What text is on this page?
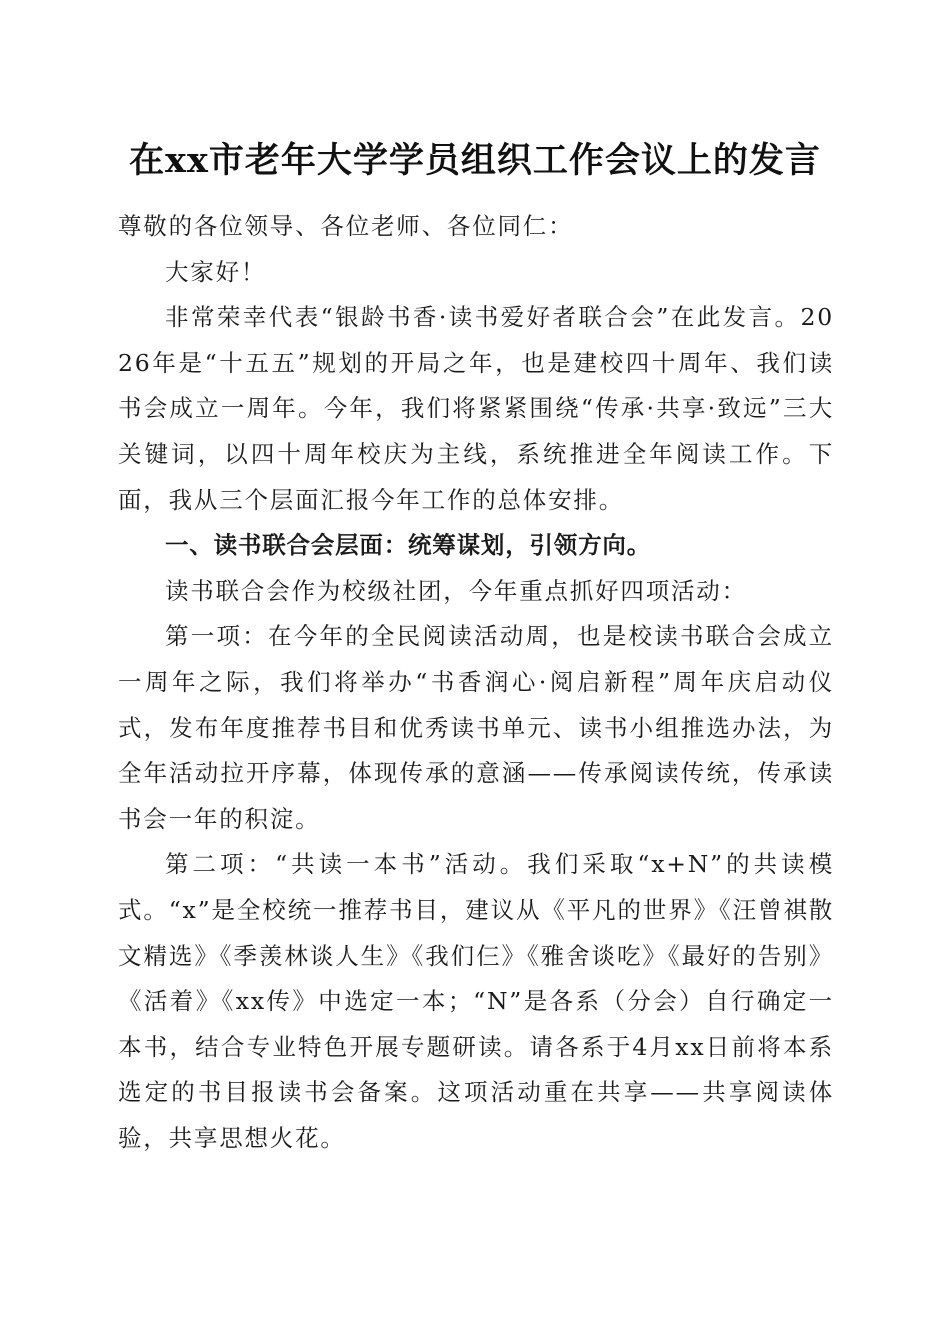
在xx市老年大学学员组织工作会议上的发言

尊敬的各位领导、各位老师、各位同仁：

大家好！

非常荣幸代表“银龄书香·读书爱好者联合会”在此发言。2026年是“十五五”规划的开局之年，也是建校四十周年、我们读书会成立一周年。今年，我们将紧紧围绕“传承·共享·致远”三大关键词，以四十周年校庆为主线，系统推进全年阅读工作。下面，我从三个层面汇报今年工作的总体安排。

一、读书联合会层面：统筹谋划，引领方向。

读书联合会作为校级社团，今年重点抓好四项活动：

第一项：在今年的全民阅读活动周，也是校读书联合会成立一周年之际，我们将举办“书香润心·阅启新程”周年庆启动仪式，发布年度推荐书目和优秀读书单元、读书小组推选办法，为全年活动拉开序幕，体现传承的意涵——传承阅读传统，传承读书会一年的积淀。

第二项：“共读一本书”活动。我们采取“x+N”的共读模式。“x”是全校统一推荐书目，建议从《平凡的世界》《汪曾祺散文精选》《季羡林谈人生》《我们仨》《雅舍谈吃》《最好的告别》《活着》《xx传》中选定一本；“N”是各系（分会）自行确定一本书，结合专业特色开展专题研读。请各系于4月xx日前将本系选定的书目报读书会备案。这项活动重在共享——共享阅读体验，共享思想火花。
